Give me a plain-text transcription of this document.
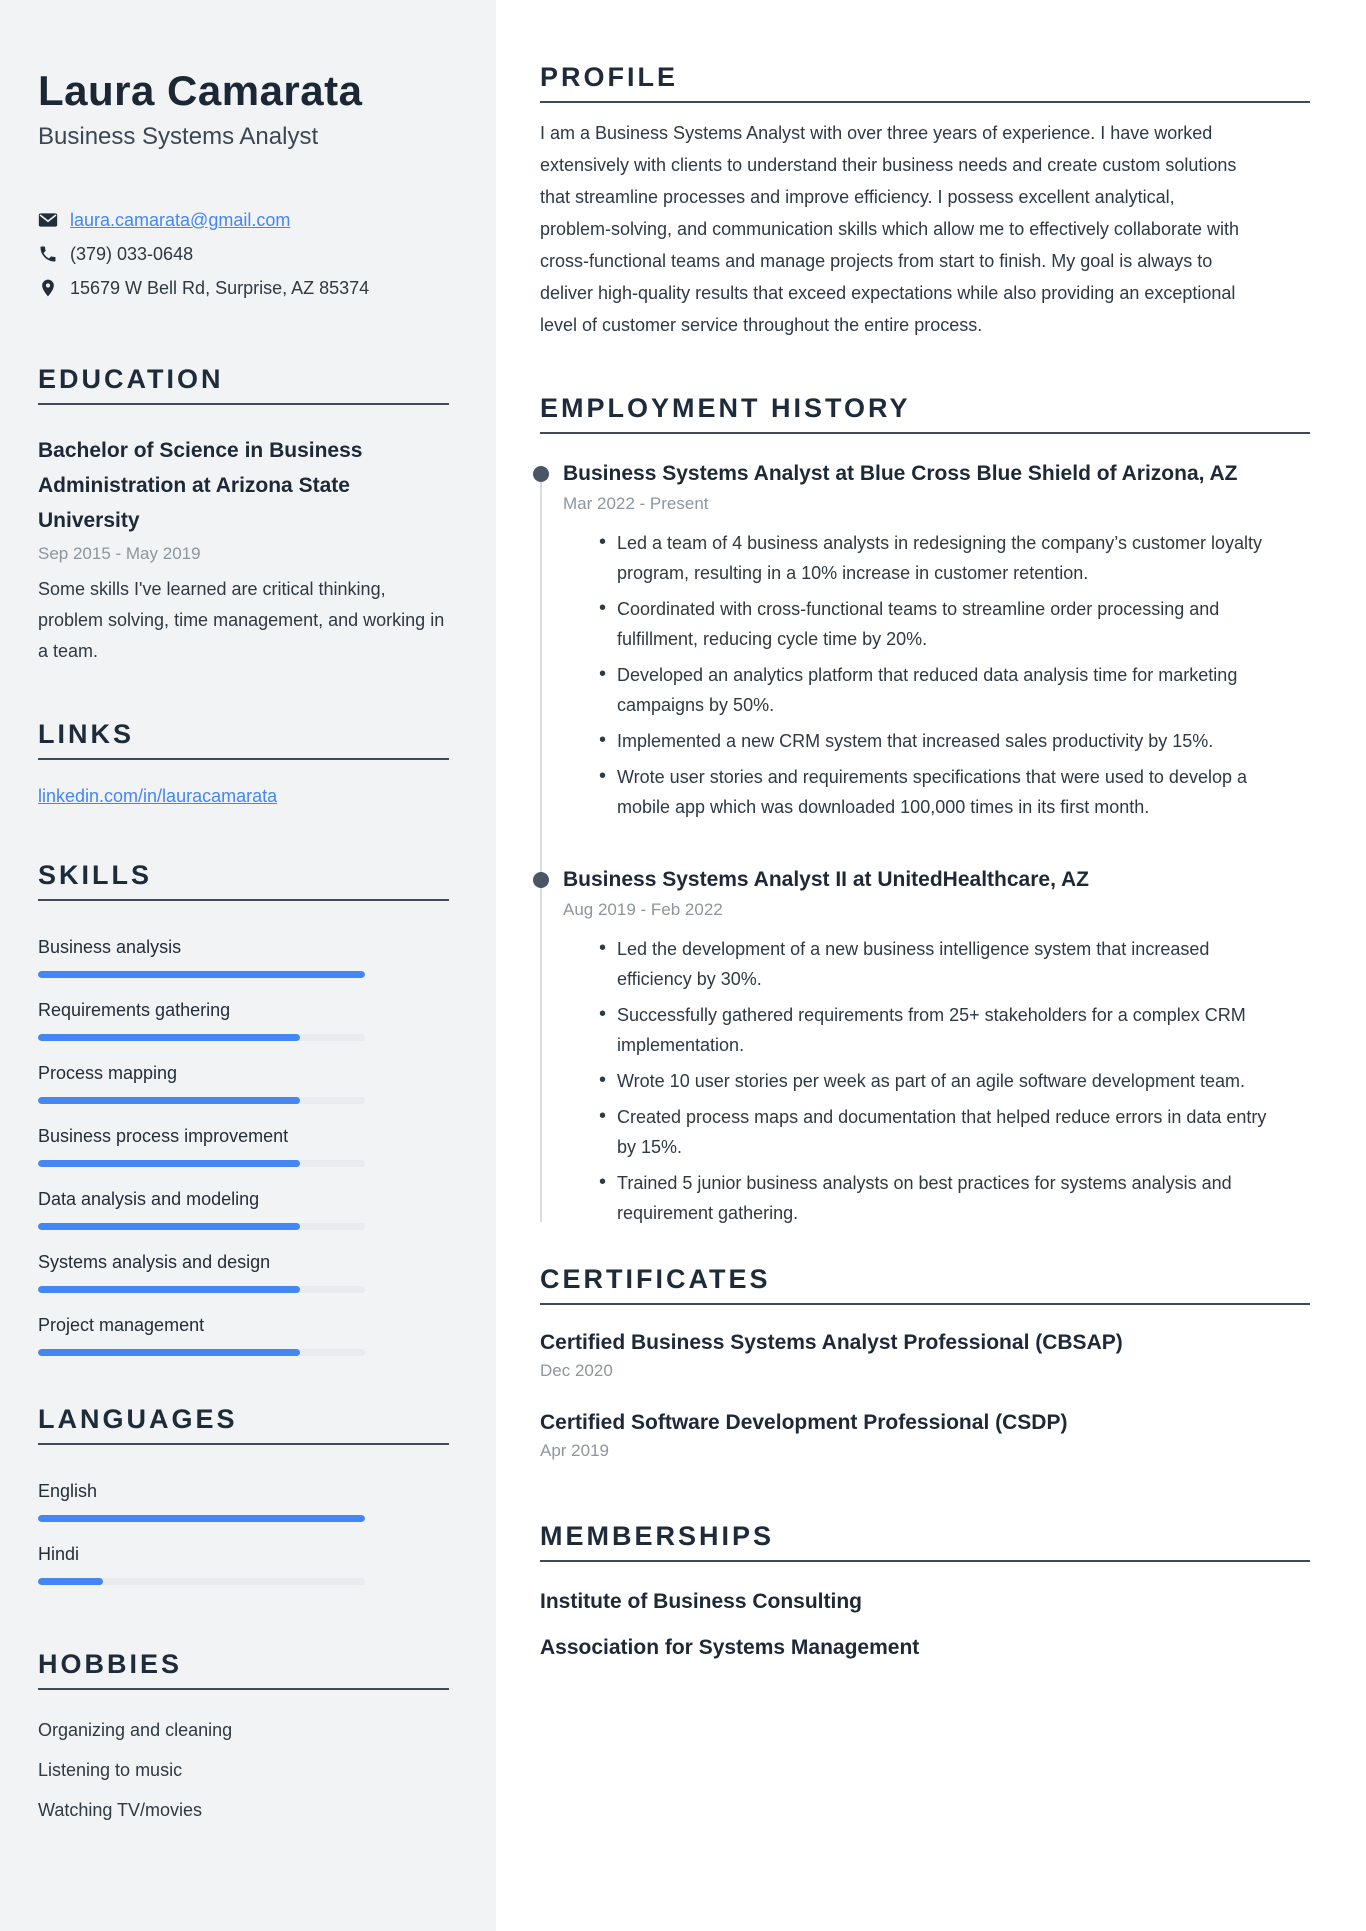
Laura Camarata
Business Systems Analyst
laura.camarata@gmail.com
(379) 033-0648
15679 W Bell Rd, Surprise, AZ 85374
EDUCATION
Bachelor of Science in Business Administration at Arizona State University
Sep 2015 - May 2019
Some skills I've learned are critical thinking, problem solving, time management, and working in a team.
LINKS
linkedin.com/in/lauracamarata
SKILLS
Business analysis
Requirements gathering
Process mapping
Business process improvement
Data analysis and modeling
Systems analysis and design
Project management
LANGUAGES
English
Hindi
HOBBIES
Organizing and cleaning
Listening to music
Watching TV/movies
PROFILE
I am a Business Systems Analyst with over three years of experience. I have worked extensively with clients to understand their business needs and create custom solutions that streamline processes and improve efficiency. I possess excellent analytical, problem-solving, and communication skills which allow me to effectively collaborate with cross-functional teams and manage projects from start to finish. My goal is always to deliver high-quality results that exceed expectations while also providing an exceptional level of customer service throughout the entire process.
EMPLOYMENT HISTORY
Business Systems Analyst at Blue Cross Blue Shield of Arizona, AZ
Mar 2022 - Present
• Led a team of 4 business analysts in redesigning the company’s customer loyalty program, resulting in a 10% increase in customer retention.
• Coordinated with cross-functional teams to streamline order processing and fulfillment, reducing cycle time by 20%.
• Developed an analytics platform that reduced data analysis time for marketing campaigns by 50%.
• Implemented a new CRM system that increased sales productivity by 15%.
• Wrote user stories and requirements specifications that were used to develop a mobile app which was downloaded 100,000 times in its first month.
Business Systems Analyst II at UnitedHealthcare, AZ
Aug 2019 - Feb 2022
• Led the development of a new business intelligence system that increased efficiency by 30%.
• Successfully gathered requirements from 25+ stakeholders for a complex CRM implementation.
• Wrote 10 user stories per week as part of an agile software development team.
• Created process maps and documentation that helped reduce errors in data entry by 15%.
• Trained 5 junior business analysts on best practices for systems analysis and requirement gathering.
CERTIFICATES
Certified Business Systems Analyst Professional (CBSAP)
Dec 2020
Certified Software Development Professional (CSDP)
Apr 2019
MEMBERSHIPS
Institute of Business Consulting
Association for Systems Management
